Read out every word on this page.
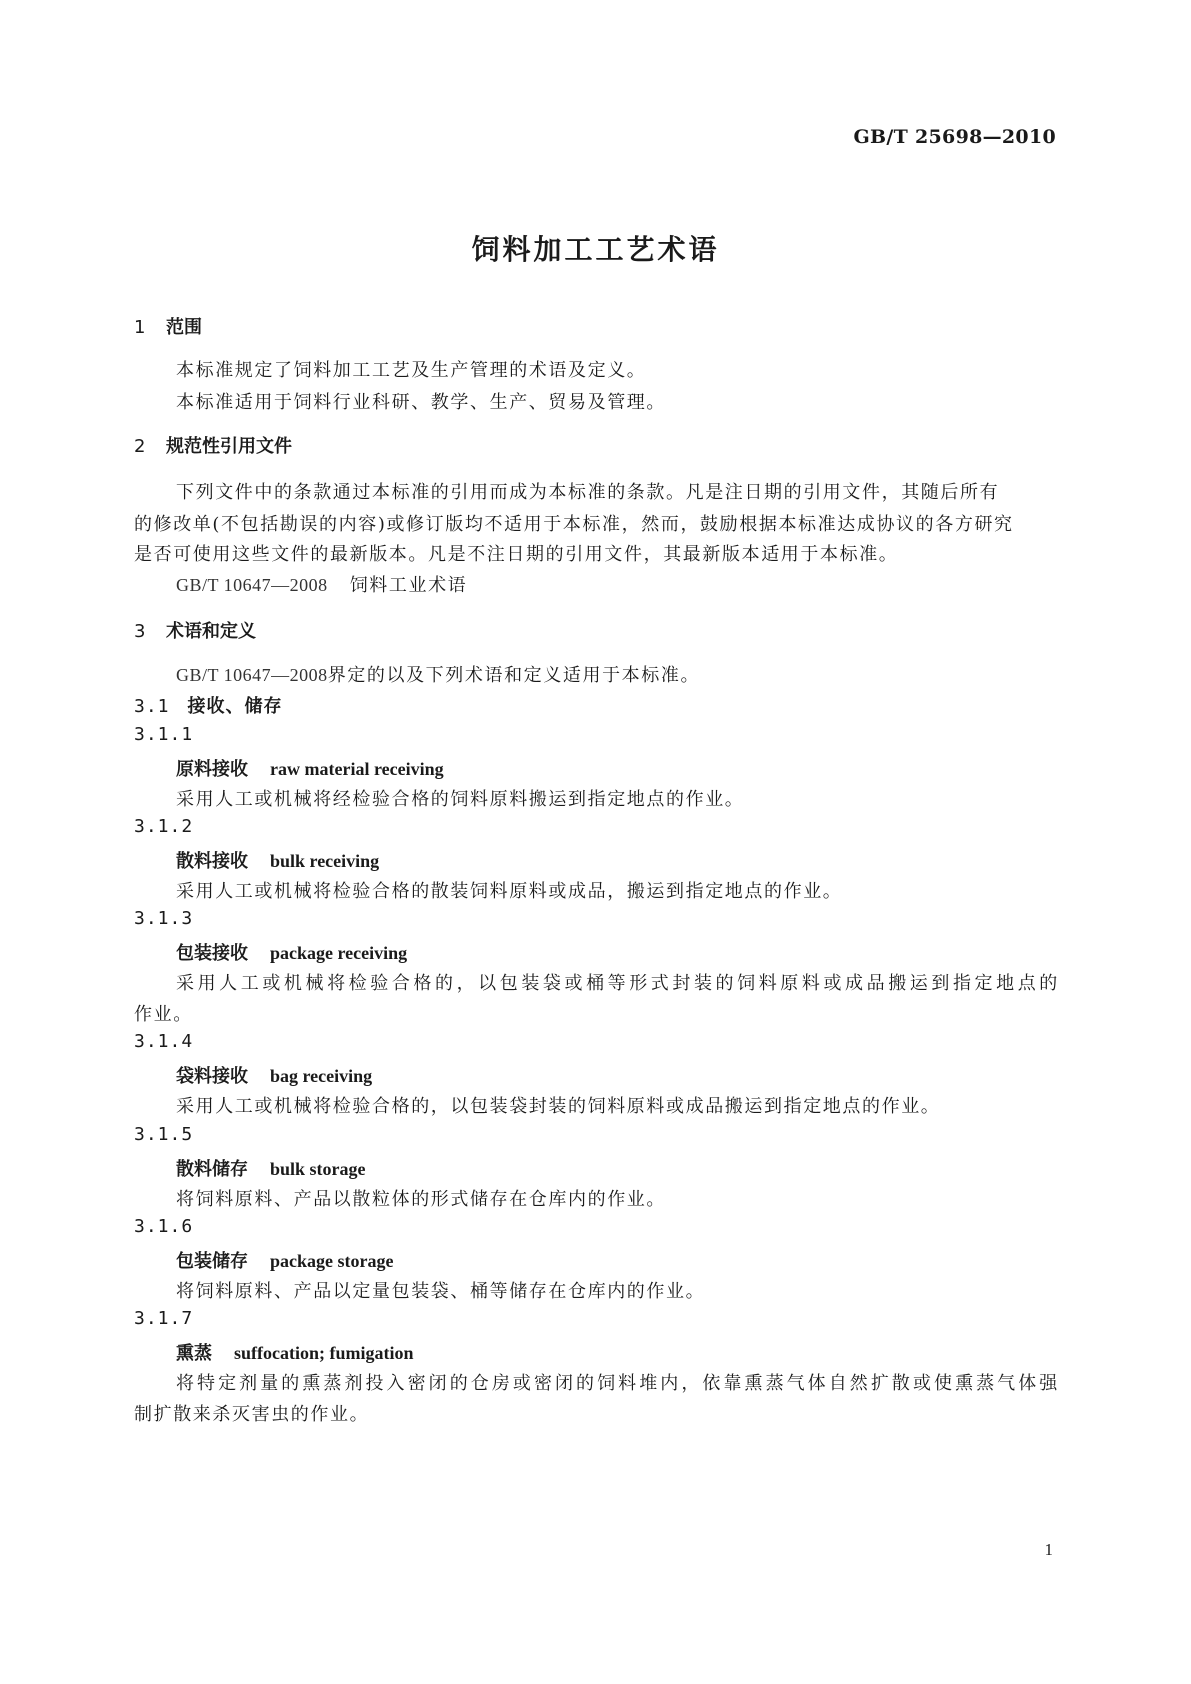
GB/T 25698—2010
饲料加工工艺术语
1 范围
本标准规定了饲料加工工艺及生产管理的术语及定义。
本标准适用于饲料行业科研、教学、生产、贸易及管理。
2 规范性引用文件
下列文件中的条款通过本标准的引用而成为本标准的条款。凡是注日期的引用文件，其随后所有
的修改单(不包括勘误的内容)或修订版均不适用于本标准，然而，鼓励根据本标准达成协议的各方研究
是否可使用这些文件的最新版本。凡是不注日期的引用文件，其最新版本适用于本标准。
GB/T 10647—2008 饲料工业术语
3 术语和定义
GB/T 10647—2008界定的以及下列术语和定义适用于本标准。
3.1 接收、储存
3.1.1
原料接收 raw material receiving
采用人工或机械将经检验合格的饲料原料搬运到指定地点的作业。
3.1.2
散料接收 bulk receiving
采用人工或机械将检验合格的散装饲料原料或成品，搬运到指定地点的作业。
3.1.3
包装接收 package receiving
采用人工或机械将检验合格的，以包装袋或桶等形式封装的饲料原料或成品搬运到指定地点的
作业。
3.1.4
袋料接收 bag receiving
采用人工或机械将检验合格的，以包装袋封装的饲料原料或成品搬运到指定地点的作业。
3.1.5
散料储存 bulk storage
将饲料原料、产品以散粒体的形式储存在仓库内的作业。
3.1.6
包装储存 package storage
将饲料原料、产品以定量包装袋、桶等储存在仓库内的作业。
3.1.7
熏蒸 suffocation; fumigation
将特定剂量的熏蒸剂投入密闭的仓房或密闭的饲料堆内，依靠熏蒸气体自然扩散或使熏蒸气体强
制扩散来杀灭害虫的作业。
1
